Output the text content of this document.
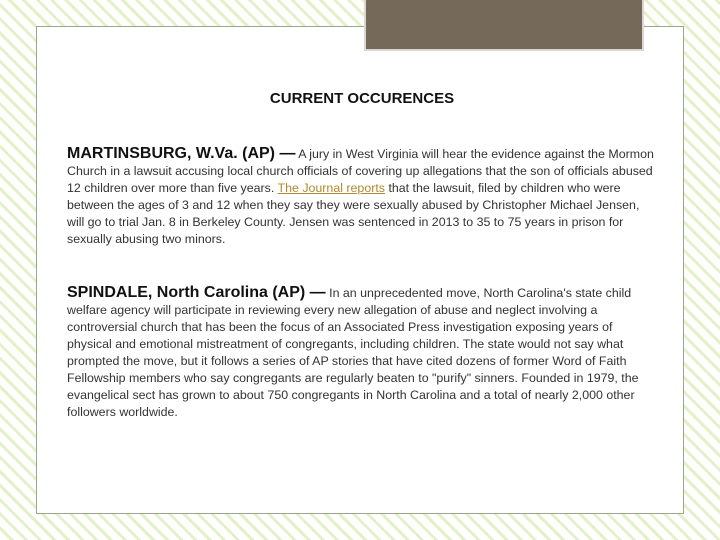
CURRENT OCCURENCES
MARTINSBURG, W.Va. (AP) — A jury in West Virginia will hear the evidence against the Mormon Church in a lawsuit accusing local church officials of covering up allegations that the son of officials abused 12 children over more than five years. The Journal reports that the lawsuit, filed by children who were between the ages of 3 and 12 when they say they were sexually abused by Christopher Michael Jensen, will go to trial Jan. 8 in Berkeley County. Jensen was sentenced in 2013 to 35 to 75 years in prison for sexually abusing two minors.
SPINDALE, North Carolina (AP) — In an unprecedented move, North Carolina's state child welfare agency will participate in reviewing every new allegation of abuse and neglect involving a controversial church that has been the focus of an Associated Press investigation exposing years of physical and emotional mistreatment of congregants, including children. The state would not say what prompted the move, but it follows a series of AP stories that have cited dozens of former Word of Faith Fellowship members who say congregants are regularly beaten to "purify" sinners. Founded in 1979, the evangelical sect has grown to about 750 congregants in North Carolina and a total of nearly 2,000 other followers worldwide.
